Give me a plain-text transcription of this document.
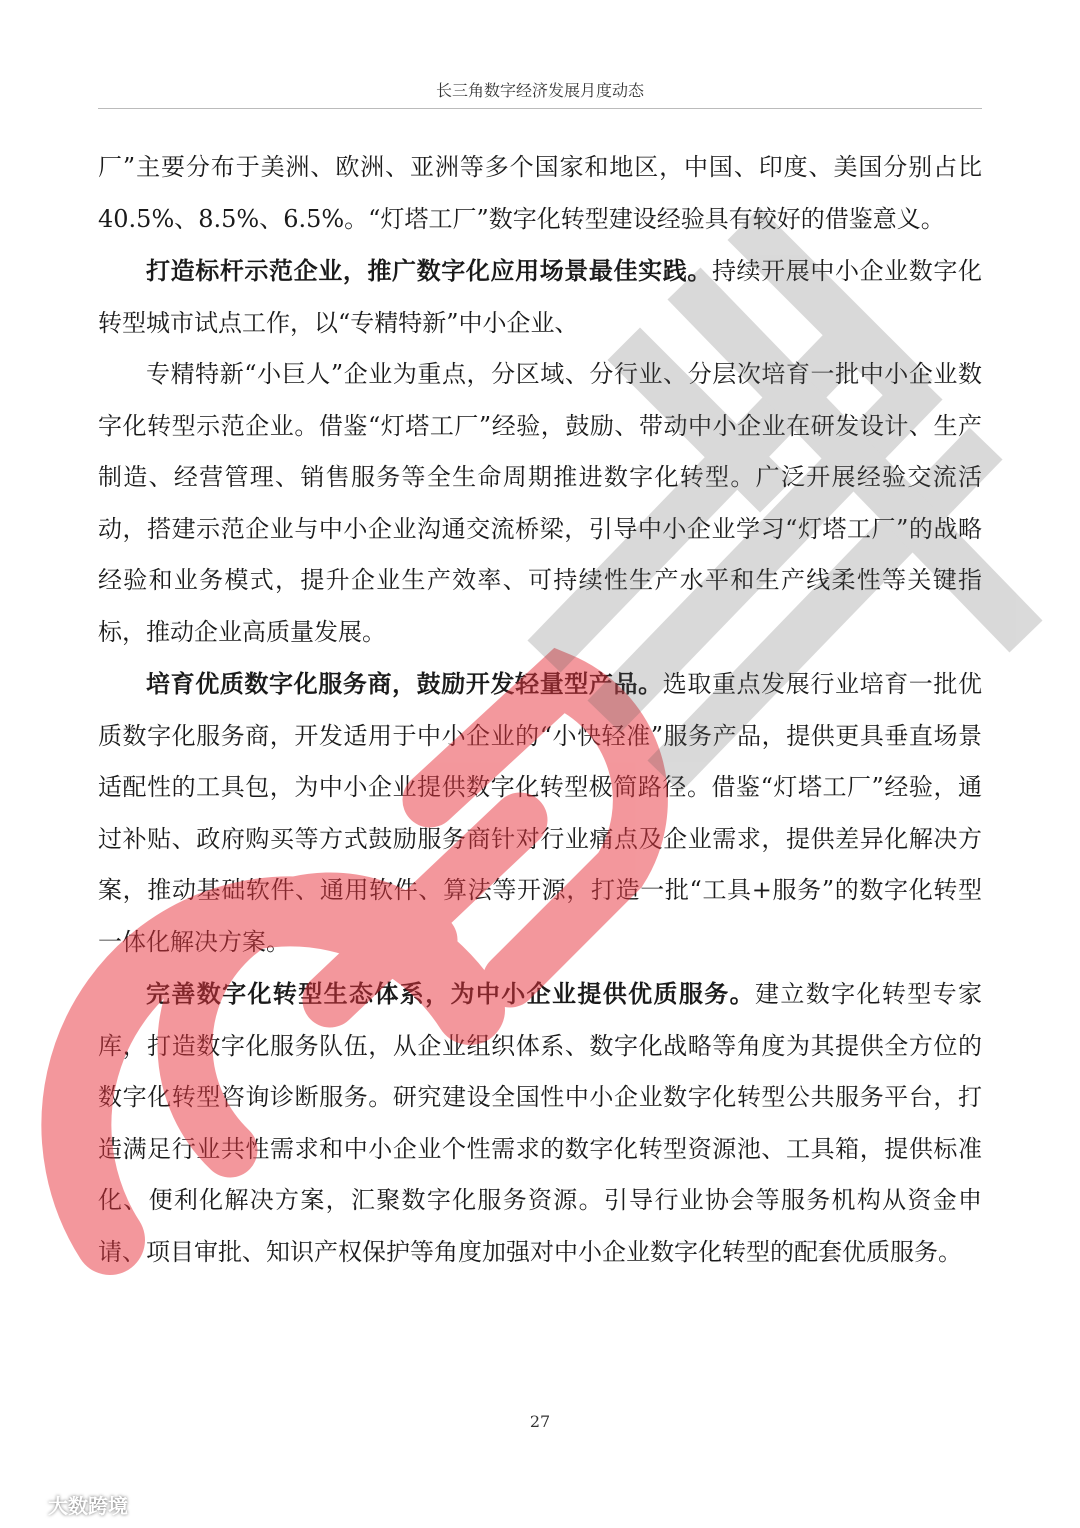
长三角数字经济发展月度动态

厂”主要分布于美洲、欧洲、亚洲等多个国家和地区，中国、印度、美国分别占比40.5%、8.5%、6.5%。“灯塔工厂”数字化转型建设经验具有较好的借鉴意义。

打造标杆示范企业，推广数字化应用场景最佳实践。持续开展中小企业数字化转型城市试点工作，以“专精特新”中小企业、

专精特新“小巨人”企业为重点，分区域、分行业、分层次培育一批中小企业数字化转型示范企业。借鉴“灯塔工厂”经验，鼓励、带动中小企业在研发设计、生产制造、经营管理、销售服务等全生命周期推进数字化转型。广泛开展经验交流活动，搭建示范企业与中小企业沟通交流桥梁，引导中小企业学习“灯塔工厂”的战略经验和业务模式，提升企业生产效率、可持续性生产水平和生产线柔性等关键指标，推动企业高质量发展。

培育优质数字化服务商，鼓励开发轻量型产品。选取重点发展行业培育一批优质数字化服务商，开发适用于中小企业的“小快轻准”服务产品，提供更具垂直场景适配性的工具包，为中小企业提供数字化转型极简路径。借鉴“灯塔工厂”经验，通过补贴、政府购买等方式鼓励服务商针对行业痛点及企业需求，提供差异化解决方案，推动基础软件、通用软件、算法等开源，打造一批“工具+服务”的数字化转型一体化解决方案。

完善数字化转型生态体系，为中小企业提供优质服务。建立数字化转型专家库，打造数字化服务队伍，从企业组织体系、数字化战略等角度为其提供全方位的数字化转型咨询诊断服务。研究建设全国性中小企业数字化转型公共服务平台，打造满足行业共性需求和中小企业个性需求的数字化转型资源池、工具箱，提供标准化、便利化解决方案，汇聚数字化服务资源。引导行业协会等服务机构从资金申请、项目审批、知识产权保护等角度加强对中小企业数字化转型的配套优质服务。

27
大数跨境
